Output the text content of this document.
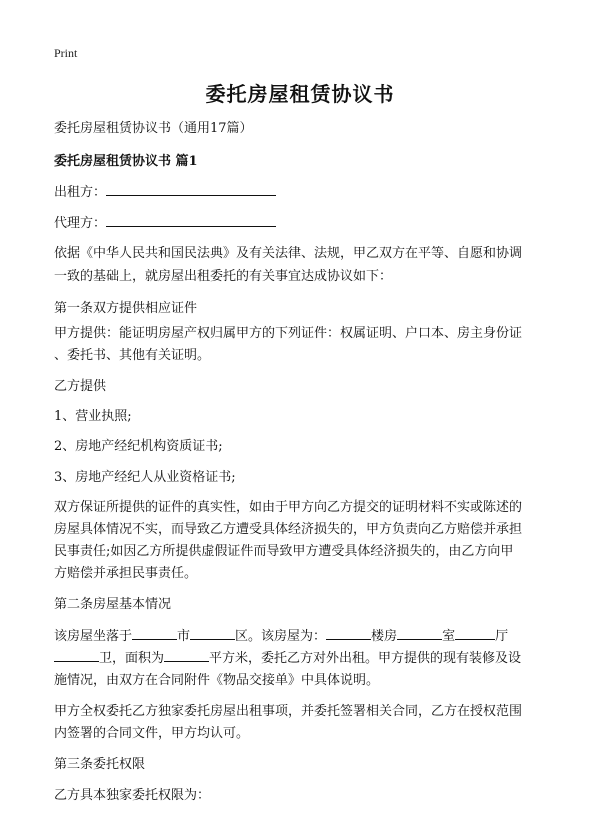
Print
委托房屋租赁协议书
委托房屋租赁协议书（通用17篇）
委托房屋租赁协议书 篇1
出租方：
代理方：
依据《中华人民共和国民法典》及有关法律、法规，甲乙双方在平等、自愿和协调
一致的基础上，就房屋出租委托的有关事宜达成协议如下：
第一条双方提供相应证件
甲方提供：能证明房屋产权归属甲方的下列证件：权属证明、户口本、房主身份证
、委托书、其他有关证明。
乙方提供
1、营业执照;
2、房地产经纪机构资质证书;
3、房地产经纪人从业资格证书;
双方保证所提供的证件的真实性，如由于甲方向乙方提交的证明材料不实或陈述的
房屋具体情况不实，而导致乙方遭受具体经济损失的，甲方负责向乙方赔偿并承担
民事责任;如因乙方所提供虚假证件而导致甲方遭受具体经济损失的，由乙方向甲
方赔偿并承担民事责任。
第二条房屋基本情况
该房屋坐落于	市	区。该房屋为：	楼房	室	厅
卫，面积为	平方米，委托乙方对外出租。甲方提供的现有装修及设
施情况，由双方在合同附件《物品交接单》中具体说明。
甲方全权委托乙方独家委托房屋出租事项，并委托签署相关合同，乙方在授权范围
内签署的合同文件，甲方均认可。
第三条委托权限
乙方具本独家委托权限为：
